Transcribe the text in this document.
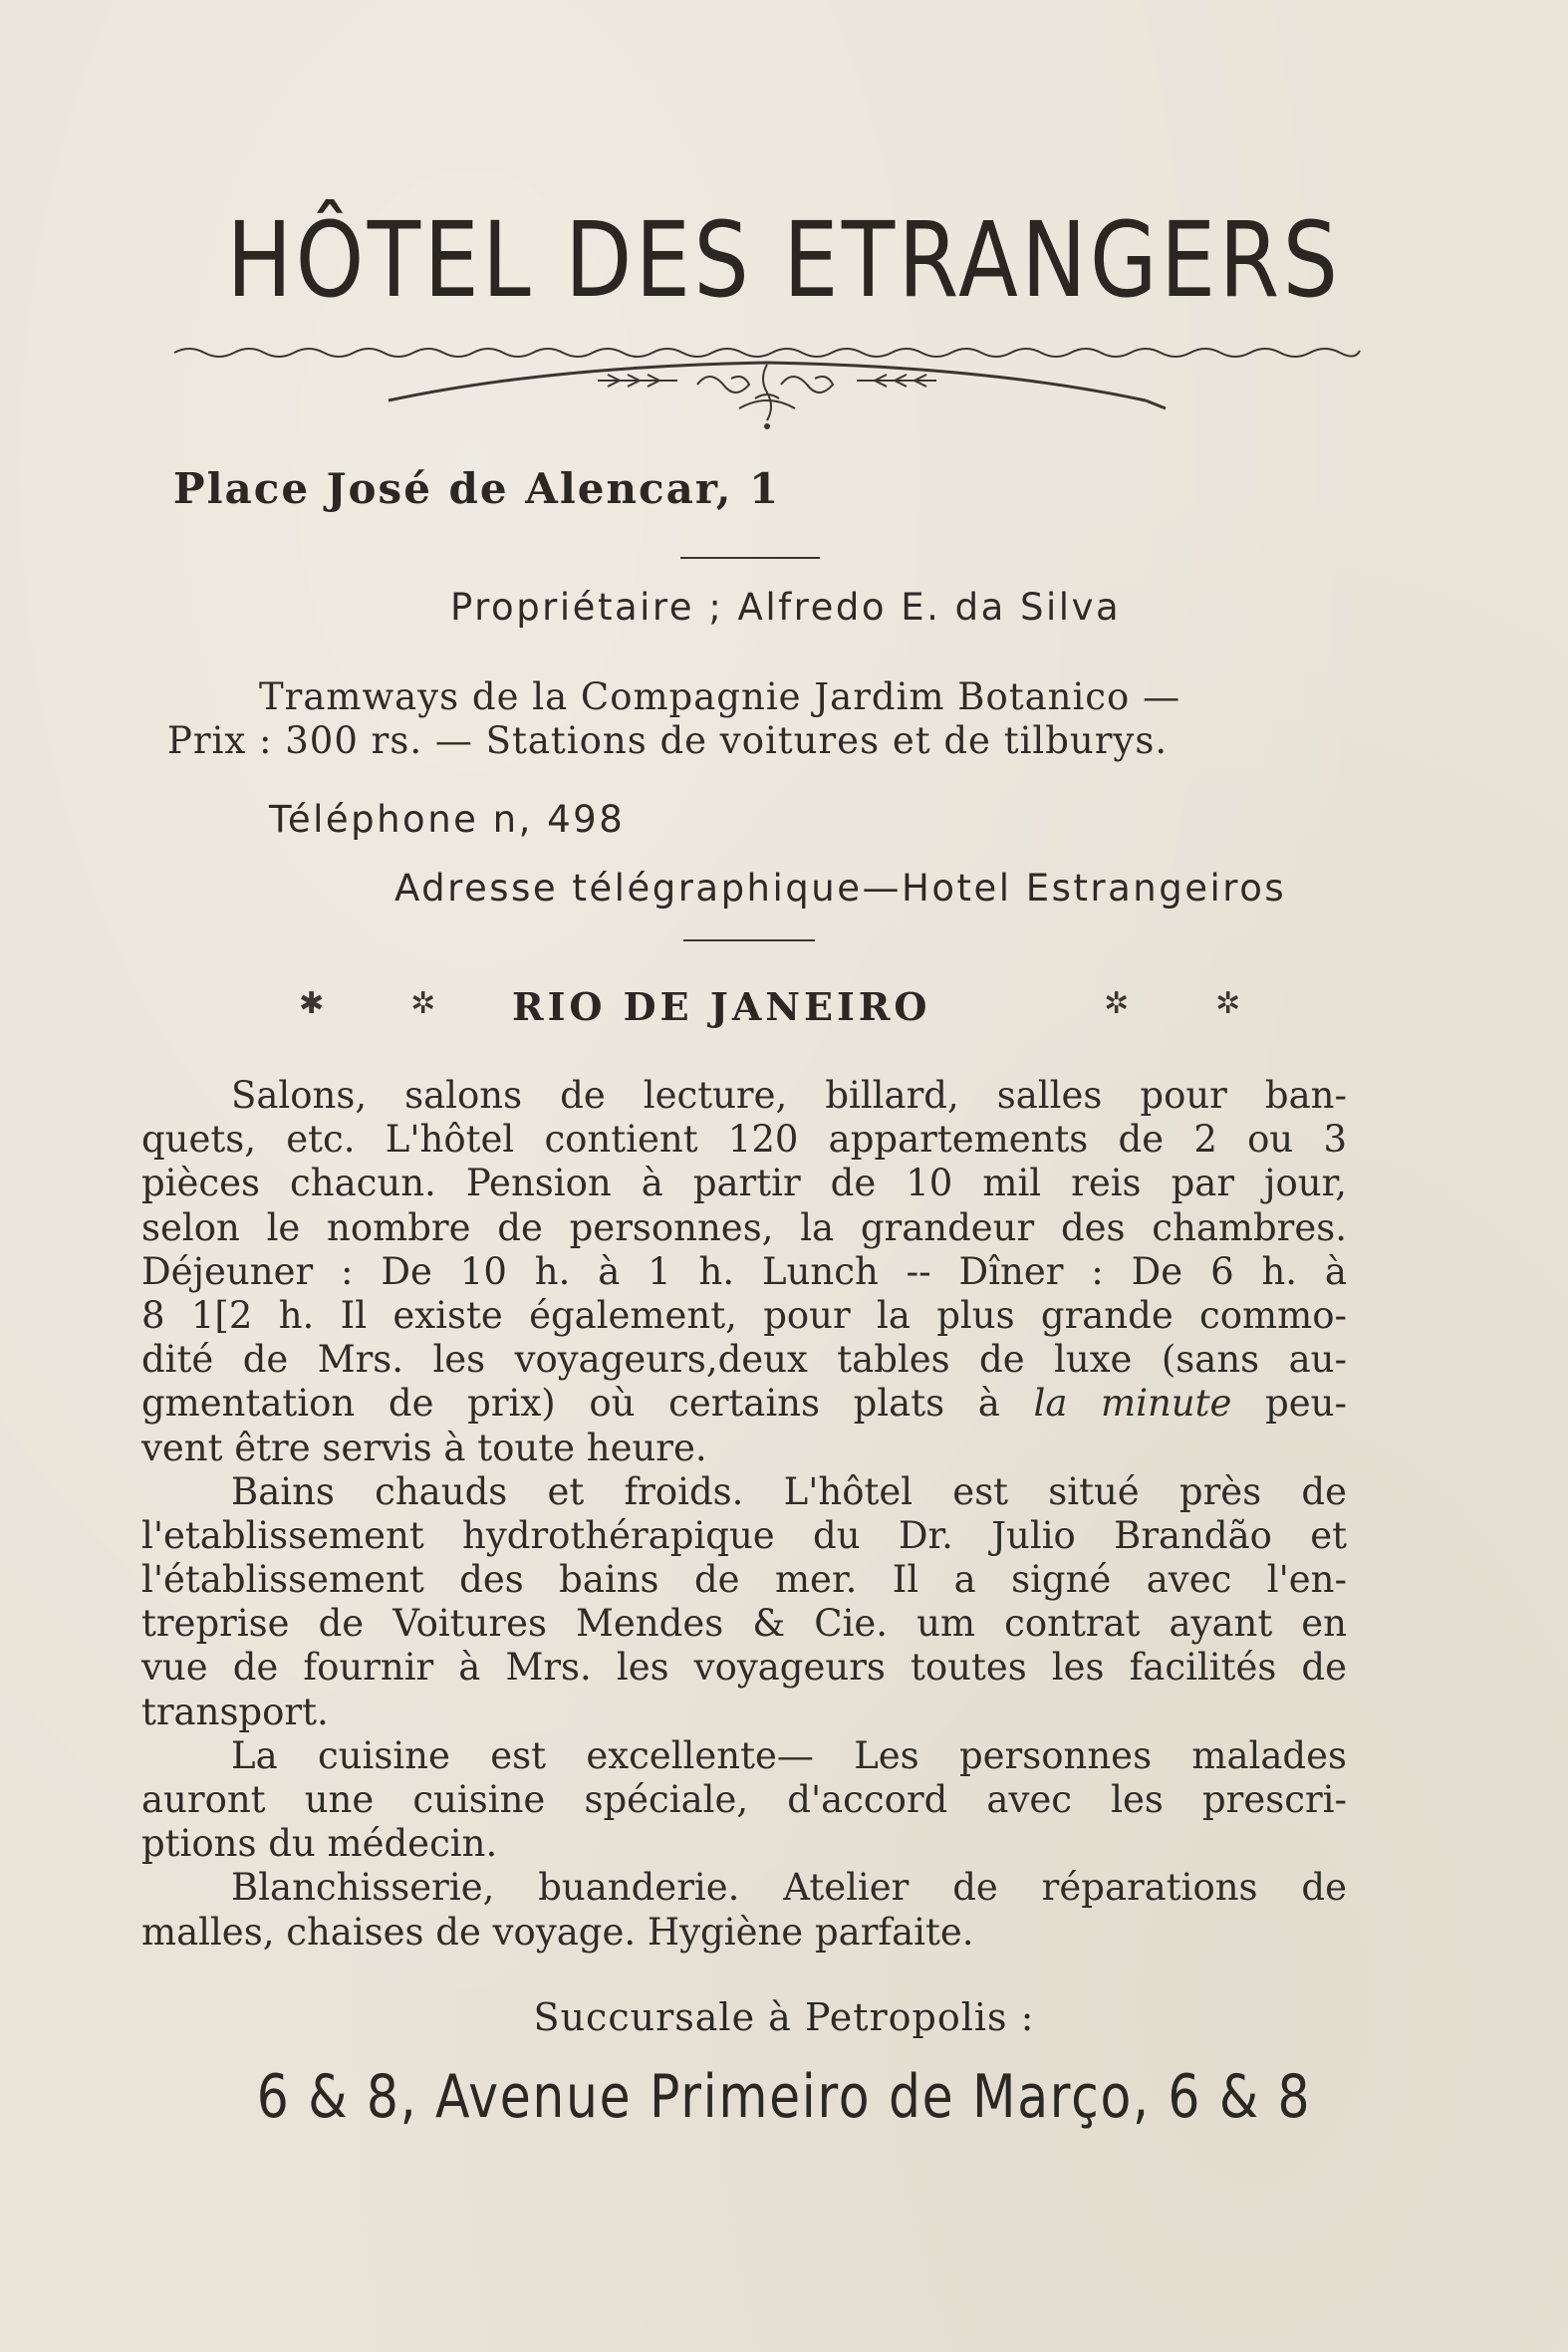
HÔTEL DES ETRANGERS
Place José de Alencar, 1
Propriétaire ; Alfredo E. da Silva
Tramways de la Compagnie Jardim Botanico —
Prix : 300 rs. — Stations de voitures et de tilburys.
Téléphone n, 498
Adresse télégraphique—Hotel Estrangeiros
✱	✲ RIO DE JANEIRO	✲	✲
Salons, salons de lecture, billard, salles pour ban-
quets, etc. L'hôtel contient 120 appartements de 2 ou 3
pièces chacun. Pension à partir de 10 mil reis par jour,
selon le nombre de personnes, la grandeur des chambres.
Déjeuner : De 10 h. à 1 h. Lunch -- Dîner : De 6 h. à
8 1[2 h. Il existe également, pour la plus grande commo-
dité de Mrs. les voyageurs,deux tables de luxe (sans au-
gmentation de prix) où certains plats à la minute peu-
vent être servis à toute heure.
Bains chauds et froids. L'hôtel est situé près de
l'etablissement hydrothérapique du Dr. Julio Brandão et
l'établissement des bains de mer. Il a signé avec l'en-
treprise de Voitures Mendes & Cie. um contrat ayant en
vue de fournir à Mrs. les voyageurs toutes les facilités de
transport.
La cuisine est excellente— Les personnes malades
auront une cuisine spéciale, d'accord avec les prescri-
ptions du médecin.
Blanchisserie, buanderie. Atelier de réparations de
malles, chaises de voyage. Hygiène parfaite.
Succursale à Petropolis :
6 & 8, Avenue Primeiro de Março, 6 & 8
